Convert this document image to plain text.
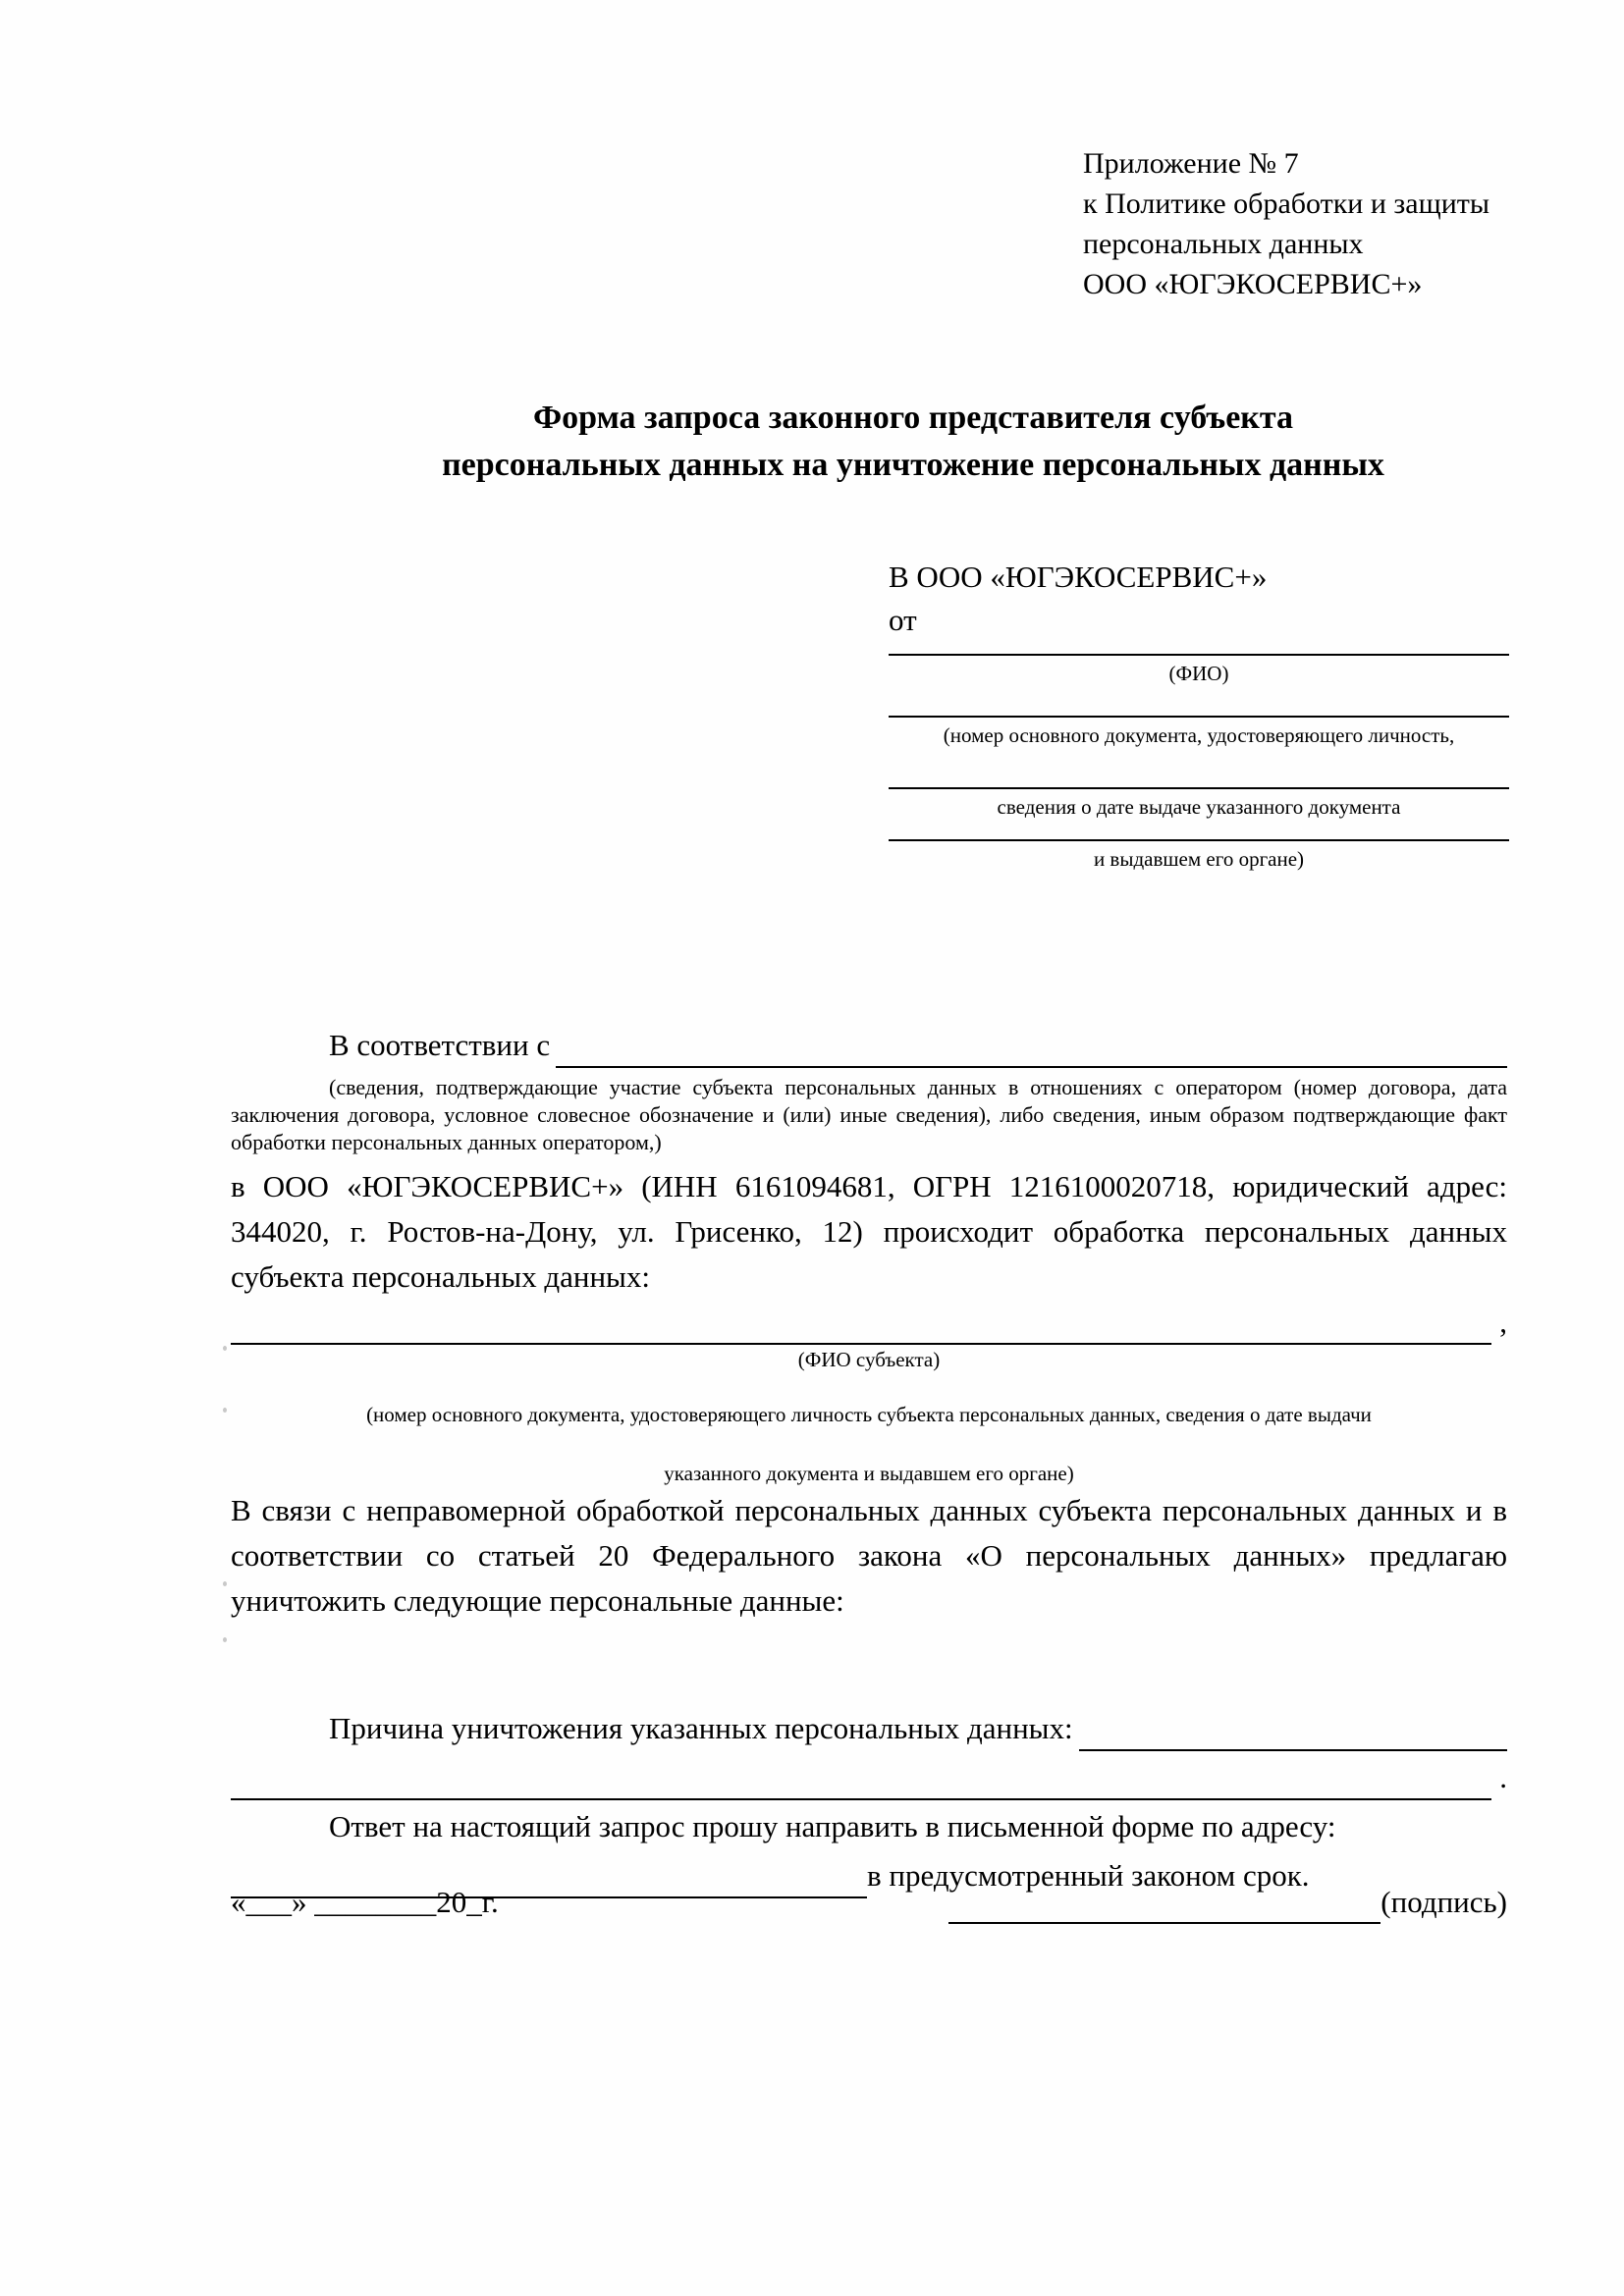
Приложение № 7
к Политике обработки и защиты
персональных данных
ООО «ЮГЭКОСЕРВИС+»
Форма запроса законного представителя субъекта
персональных данных на уничтожение персональных данных
В ООО «ЮГЭКОСЕРВИС+»
от
(ФИО)
(номер основного документа, удостоверяющего личность,
сведения о дате выдаче указанного документа
и выдавшем его органе)
В соответствии с
(сведения, подтверждающие участие субъекта персональных данных в отношениях с оператором (номер договора, дата заключения договора, условное словесное обозначение и (или) иные сведения), либо сведения, иным образом подтверждающие факт обработки персональных данных оператором,)
в ООО «ЮГЭКОСЕРВИС+» (ИНН 6161094681, ОГРН 1216100020718, юридический адрес: 344020, г. Ростов-на-Дону, ул. Грисенко, 12) происходит обработка персональных данных субъекта персональных данных:
,
(ФИО субъекта)
(номер основного документа, удостоверяющего личность субъекта персональных данных, сведения о дате выдачи
указанного документа и выдавшем его органе)
В связи с неправомерной обработкой персональных данных субъекта персональных данных и в соответствии со статьей 20 Федерального закона «О персональных данных» предлагаю уничтожить следующие персональные данные:
Причина уничтожения указанных персональных данных:
.
Ответ на настоящий запрос прошу направить в письменной форме по адресу:
в предусмотренный законом срок.
«___» ________20_г.	(подпись)
